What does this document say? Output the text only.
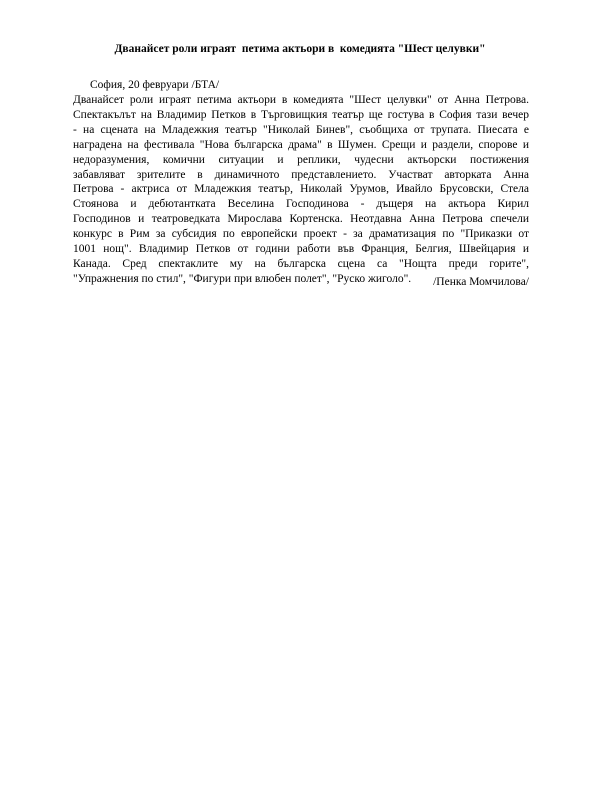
Дванайсет роли играят  петима актьори в  комедията "Шест целувки"
София, 20 февруари /БТА/
Дванайсет роли играят петима актьори в комедията "Шест целувки" от Анна Петрова.
Спектакълът на Владимир Петков в Търговищкия театър ще гостува в София тази вечер
- на сцената на Младежкия театър "Николай Бинев", съобщиха от трупата. Пиесата е
наградена на фестивала "Нова българска драма" в Шумен. Срещи и раздели, спорове и
недоразумения, комични ситуации и реплики, чудесни актьорски постижения
забавляват зрителите в динамичното представлението. Участват авторката Анна
Петрова - актриса от Младежкия театър, Николай Урумов, Ивайло Брусовски, Стела
Стоянова и дебютантката Веселина Господинова - дъщеря на актьора Кирил
Господинов и театроведката Мирослава Кортенска. Неотдавна Анна Петрова спечели
конкурс в Рим за субсидия по европейски проект - за драматизация по "Приказки от
1001 нощ". Владимир Петков от години работи във Франция, Белгия, Швейцария и
Канада. Сред спектаклите му на българска сцена са "Нощта преди горите",
"Упражнения по стил", "Фигури при влюбен полет", "Руско жиголо".	/Пенка Момчилова/
